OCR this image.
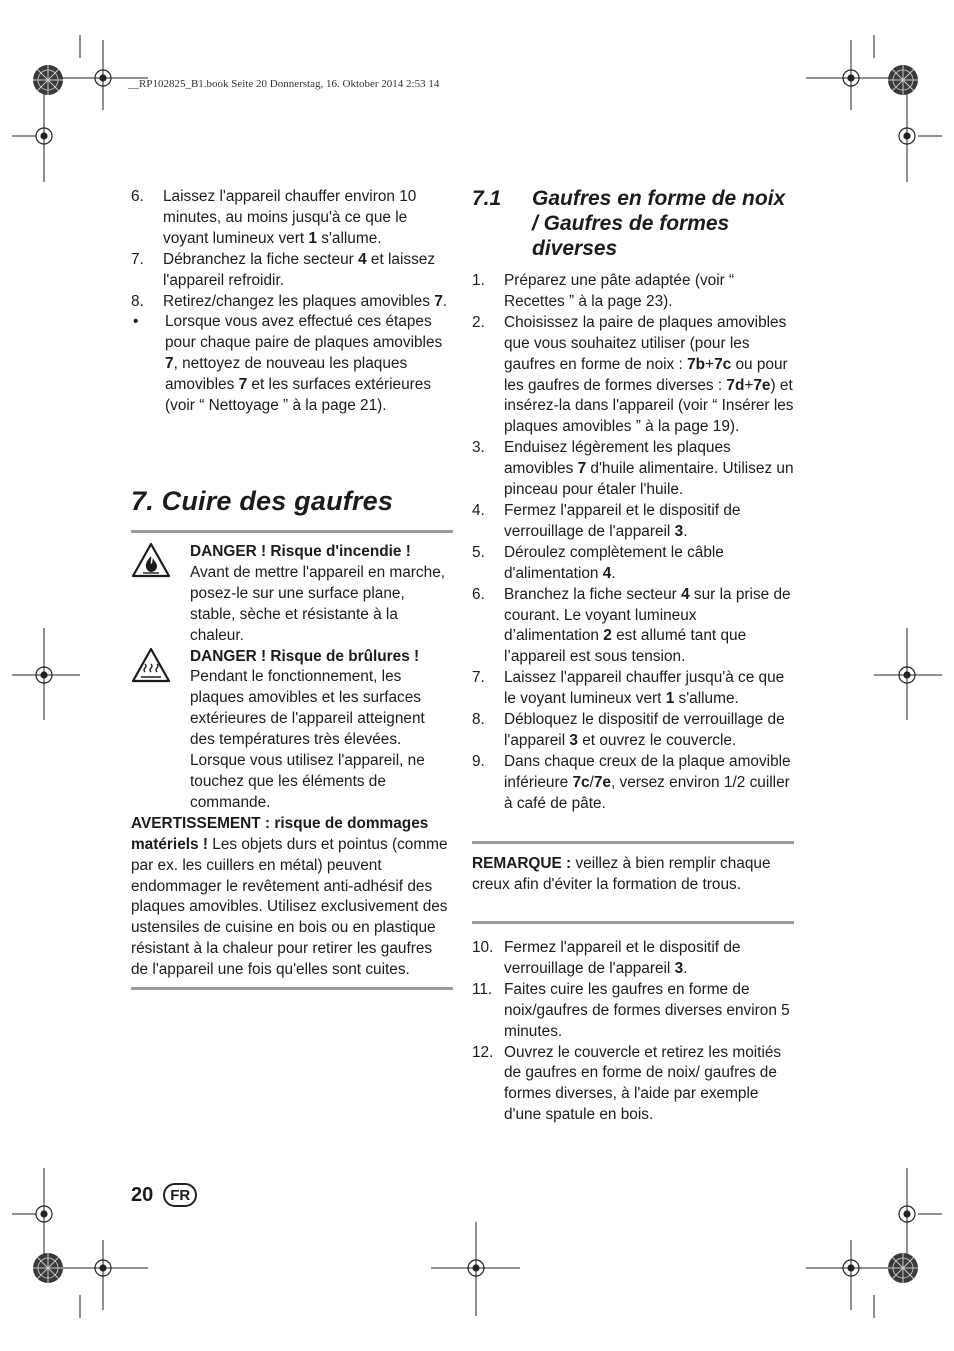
__RP102825_B1.book Seite 20 Donnerstag, 16. Oktober 2014 2:53 14
6.	Laissez l'appareil chauffer environ 10 minutes, au moins jusqu'à ce que le voyant lumineux vert 1 s'allume.
7.	Débranchez la fiche secteur 4 et laissez l'appareil refroidir.
8.	Retirez/changez les plaques amovibles 7.
•	Lorsque vous avez effectué ces étapes pour chaque paire de plaques amovibles 7, nettoyez de nouveau les plaques amovibles 7 et les surfaces extérieures (voir “ Nettoyage ” à la page 21).
7. Cuire des gaufres
DANGER ! Risque d'incendie !
Avant de mettre l'appareil en marche, posez-le sur une surface plane, stable, sèche et résistante à la chaleur.
DANGER ! Risque de brûlures !
Pendant le fonctionnement, les plaques amovibles et les surfaces extérieures de l'appareil atteignent des températures très élevées. Lorsque vous utilisez l'appareil, ne touchez que les éléments de commande.
AVERTISSEMENT : risque de dommages matériels ! Les objets durs et pointus (comme par ex. les cuillers en métal) peuvent endommager le revêtement anti-adhésif des plaques amovibles. Utilisez exclusivement des ustensiles de cuisine en bois ou en plastique résistant à la chaleur pour retirer les gaufres de l'appareil une fois qu'elles sont cuites.
7.1	Gaufres en forme de noix / Gaufres de formes diverses
1.	Préparez une pâte adaptée (voir “ Recettes ” à la page 23).
2.	Choisissez la paire de plaques amovibles que vous souhaitez utiliser (pour les gaufres en forme de noix : 7b+7c ou pour les gaufres de formes diverses : 7d+7e) et insérez-la dans l'appareil (voir “ Insérer les plaques amovibles ” à la page 19).
3.	Enduisez légèrement les plaques amovibles 7 d'huile alimentaire. Utilisez un pinceau pour étaler l'huile.
4.	Fermez l'appareil et le dispositif de verrouillage de l'appareil 3.
5.	Déroulez complètement le câble d'alimentation 4.
6.	Branchez la fiche secteur 4 sur la prise de courant. Le voyant lumineux d’alimentation 2 est allumé tant que l’appareil est sous tension.
7.	Laissez l'appareil chauffer jusqu'à ce que le voyant lumineux vert 1 s'allume.
8.	Débloquez le dispositif de verrouillage de l'appareil 3 et ouvrez le couvercle.
9.	Dans chaque creux de la plaque amovible inférieure 7c/7e, versez environ 1/2 cuiller à café de pâte.
REMARQUE : veillez à bien remplir chaque creux afin d'éviter la formation de trous.
10. Fermez l'appareil et le dispositif de verrouillage de l'appareil 3.
11. Faites cuire les gaufres en forme de noix/gaufres de formes diverses environ 5 minutes.
12. Ouvrez le couvercle et retirez les moitiés de gaufres en forme de noix/ gaufres de formes diverses, à l'aide par exemple d'une spatule en bois.
20	FR
